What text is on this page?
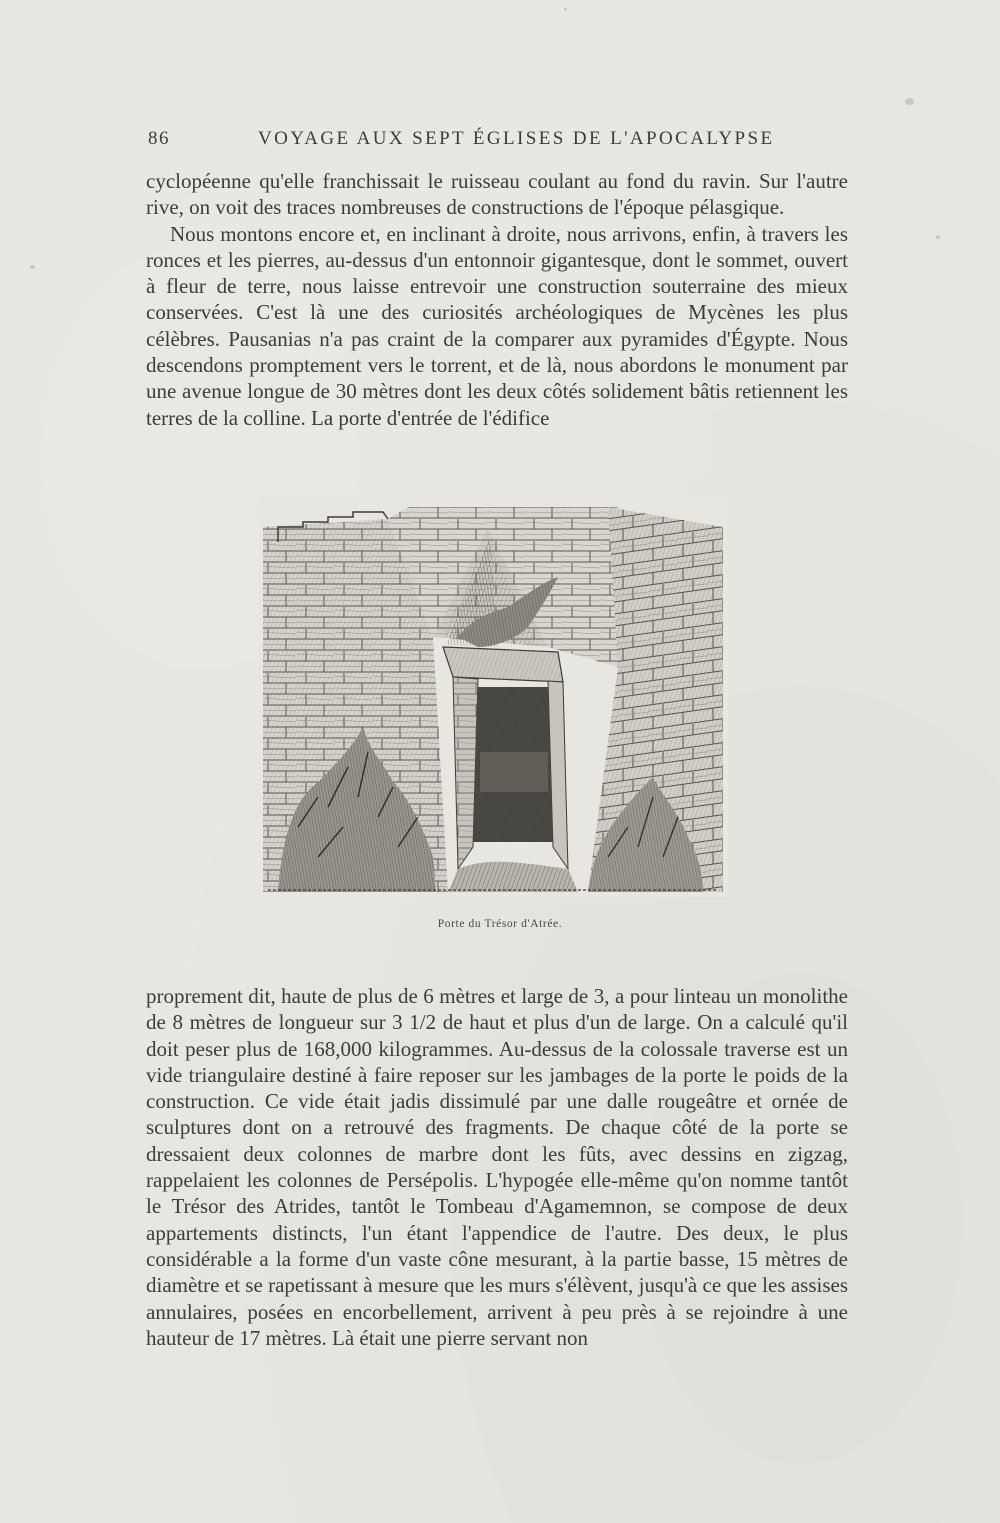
86	VOYAGE AUX SEPT ÉGLISES DE L'APOCALYPSE

cyclopéenne qu'elle franchissait le ruisseau coulant au fond du ravin. Sur l'autre rive, on voit des traces nombreuses de constructions de l'époque pélasgique.

Nous montons encore et, en inclinant à droite, nous arrivons, enfin, à travers les ronces et les pierres, au-dessus d'un entonnoir gigantesque, dont le sommet, ouvert à fleur de terre, nous laisse entrevoir une construction souterraine des mieux conservées. C'est là une des curiosités archéologiques de Mycènes les plus célèbres. Pausanias n'a pas craint de la comparer aux pyramides d'Égypte. Nous descendons promptement vers le torrent, et de là, nous abordons le monument par une avenue longue de 30 mètres dont les deux côtés solidement bâtis retiennent les terres de la colline. La porte d'entrée de l'édifice

Porte du Trésor d'Atrée.

proprement dit, haute de plus de 6 mètres et large de 3, a pour linteau un monolithe de 8 mètres de longueur sur 3 1/2 de haut et plus d'un de large. On a calculé qu'il doit peser plus de 168,000 kilogrammes. Au-dessus de la colossale traverse est un vide triangulaire destiné à faire reposer sur les jambages de la porte le poids de la construction. Ce vide était jadis dissimulé par une dalle rougeâtre et ornée de sculptures dont on a retrouvé des fragments. De chaque côté de la porte se dressaient deux colonnes de marbre dont les fûts, avec dessins en zigzag, rappelaient les colonnes de Persépolis. L'hypogée elle-même qu'on nomme tantôt le Trésor des Atrides, tantôt le Tombeau d'Agamemnon, se compose de deux appartements distincts, l'un étant l'appendice de l'autre. Des deux, le plus considérable a la forme d'un vaste cône mesurant, à la partie basse, 15 mètres de diamètre et se rapetissant à mesure que les murs s'élèvent, jusqu'à ce que les assises annulaires, posées en encorbellement, arrivent à peu près à se rejoindre à une hauteur de 17 mètres. Là était une pierre servant non
